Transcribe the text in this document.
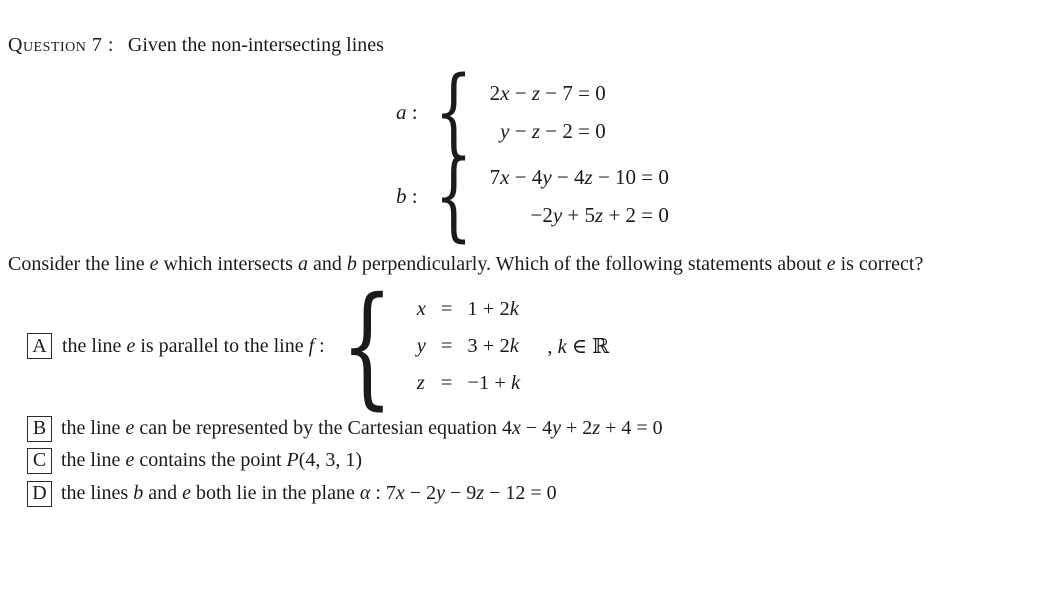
Question 7 : Given the non-intersecting lines
a : { 2x − z − 7 = 0
y − z − 2 = 0
b : { 7x − 4y − 4z − 10 = 0
−2y + 5z + 2 = 0
Consider the line e which intersects a and b perpendicularly. Which of the following statements about e is correct?
A the line e is parallel to the line f : { x = 1 + 2k
y = 3 + 2k
z = −1 + k
, k ∈ ℝ
B the line e can be represented by the Cartesian equation 4x − 4y + 2z + 4 = 0
C the line e contains the point P(4, 3, 1)
D the lines b and e both lie in the plane α : 7x − 2y − 9z − 12 = 0
